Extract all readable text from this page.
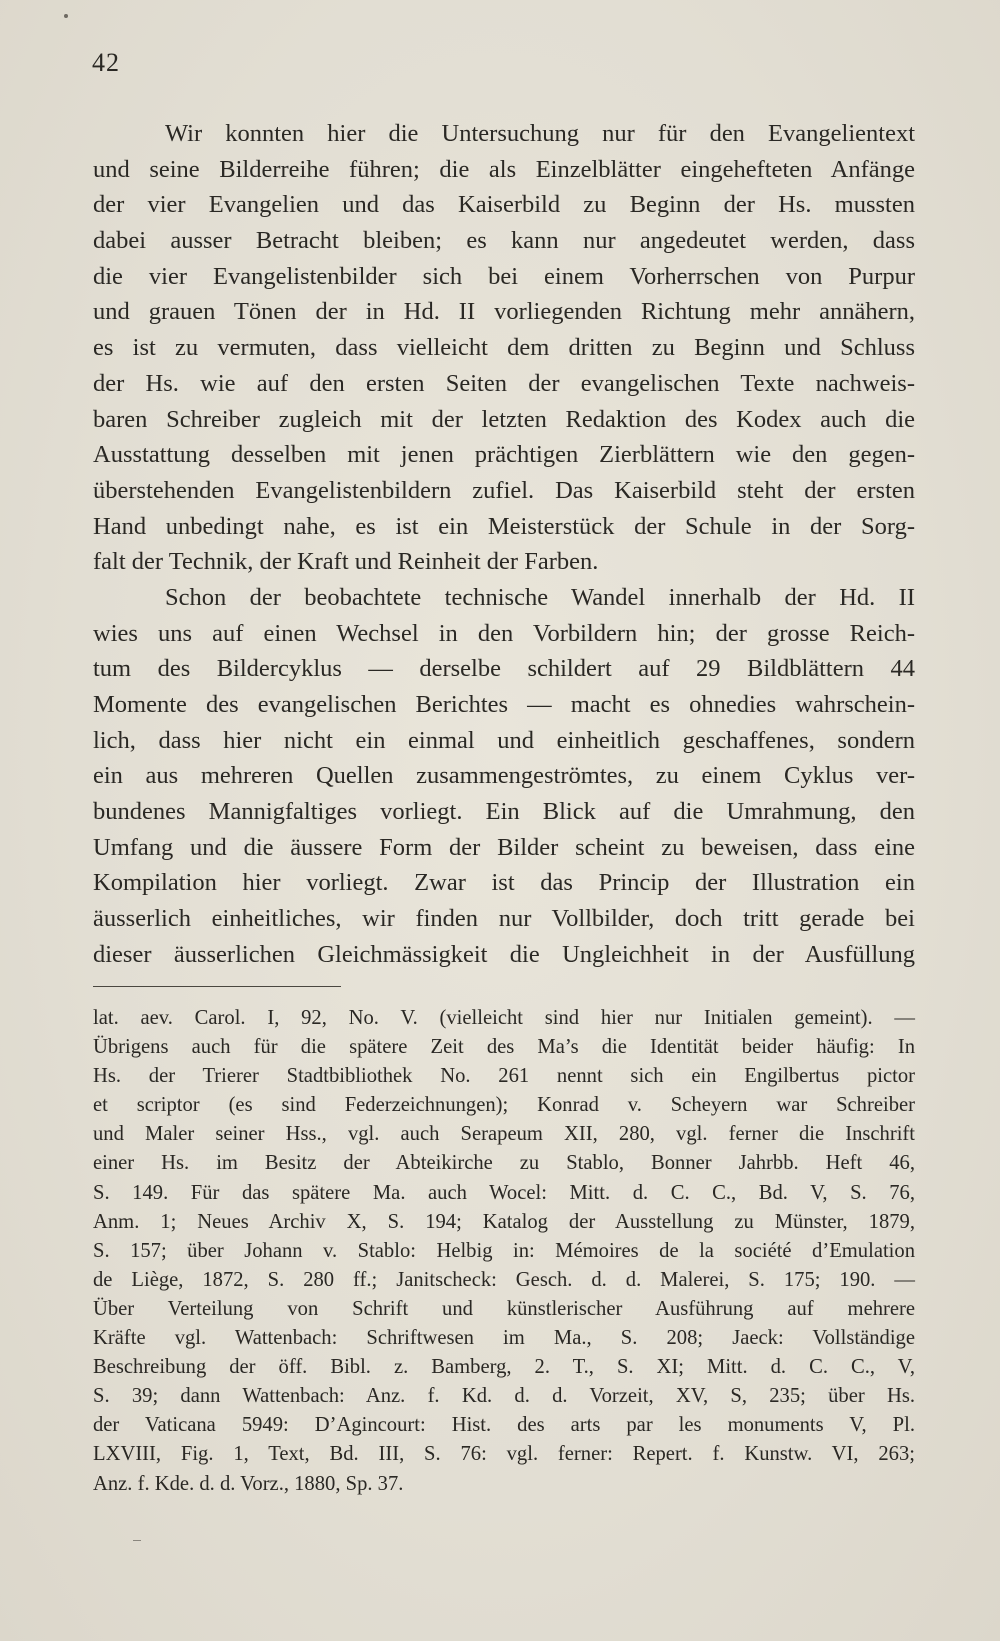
42
Wir konnten hier die Untersuchung nur für den Evangelientext
und seine Bilderreihe führen; die als Einzelblätter eingehefteten Anfänge
der vier Evangelien und das Kaiserbild zu Beginn der Hs. mussten
dabei ausser Betracht bleiben; es kann nur angedeutet werden, dass
die vier Evangelistenbilder sich bei einem Vorherrschen von Purpur
und grauen Tönen der in Hd. II vorliegenden Richtung mehr annähern,
es ist zu vermuten, dass vielleicht dem dritten zu Beginn und Schluss
der Hs. wie auf den ersten Seiten der evangelischen Texte nachweis-
baren Schreiber zugleich mit der letzten Redaktion des Kodex auch die
Ausstattung desselben mit jenen prächtigen Zierblättern wie den gegen-
überstehenden Evangelistenbildern zufiel. Das Kaiserbild steht der ersten
Hand unbedingt nahe, es ist ein Meisterstück der Schule in der Sorg-
falt der Technik, der Kraft und Reinheit der Farben.
Schon der beobachtete technische Wandel innerhalb der Hd. II
wies uns auf einen Wechsel in den Vorbildern hin; der grosse Reich-
tum des Bildercyklus — derselbe schildert auf 29 Bildblättern 44
Momente des evangelischen Berichtes — macht es ohnedies wahrschein-
lich, dass hier nicht ein einmal und einheitlich geschaffenes, sondern
ein aus mehreren Quellen zusammengeströmtes, zu einem Cyklus ver-
bundenes Mannigfaltiges vorliegt. Ein Blick auf die Umrahmung, den
Umfang und die äussere Form der Bilder scheint zu beweisen, dass eine
Kompilation hier vorliegt. Zwar ist das Princip der Illustration ein
äusserlich einheitliches, wir finden nur Vollbilder, doch tritt gerade bei
dieser äusserlichen Gleichmässigkeit die Ungleichheit in der Ausfüllung
lat. aev. Carol. I, 92, No. V. (vielleicht sind hier nur Initialen gemeint). —
Übrigens auch für die spätere Zeit des Ma’s die Identität beider häufig: In
Hs. der Trierer Stadtbibliothek No. 261 nennt sich ein Engilbertus pictor
et scriptor (es sind Federzeichnungen); Konrad v. Scheyern war Schreiber
und Maler seiner Hss., vgl. auch Serapeum XII, 280, vgl. ferner die Inschrift
einer Hs. im Besitz der Abteikirche zu Stablo, Bonner Jahrbb. Heft 46,
S. 149. Für das spätere Ma. auch Wocel: Mitt. d. C. C., Bd. V, S. 76,
Anm. 1; Neues Archiv X, S. 194; Katalog der Ausstellung zu Münster, 1879,
S. 157; über Johann v. Stablo: Helbig in: Mémoires de la société d’Emulation
de Liège, 1872, S. 280 ff.; Janitscheck: Gesch. d. d. Malerei, S. 175; 190. —
Über Verteilung von Schrift und künstlerischer Ausführung auf mehrere
Kräfte vgl. Wattenbach: Schriftwesen im Ma., S. 208; Jaeck: Vollständige
Beschreibung der öff. Bibl. z. Bamberg, 2. T., S. XI; Mitt. d. C. C., V,
S. 39; dann Wattenbach: Anz. f. Kd. d. d. Vorzeit, XV, S, 235; über Hs.
der Vaticana 5949: D’Agincourt: Hist. des arts par les monuments V, Pl.
LXVIII, Fig. 1, Text, Bd. III, S. 76: vgl. ferner: Repert. f. Kunstw. VI, 263;
Anz. f. Kde. d. d. Vorz., 1880, Sp. 37.
